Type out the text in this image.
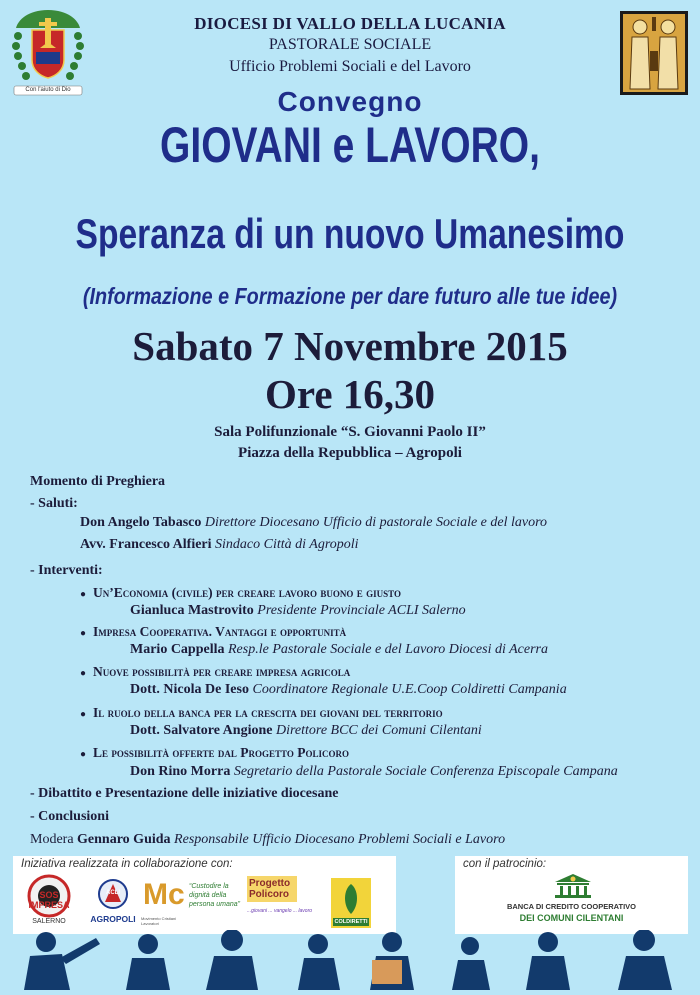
Con l'aiuto di Dio
DIOCESI DI VALLO DELLA LUCANIA
PASTORALE SOCIALE
Ufficio Problemi Sociali e del Lavoro
Convegno
GIOVANI e LAVORO,
Speranza di un nuovo Umanesimo
(Informazione e Formazione per dare futuro alle tue idee)
Sabato 7 Novembre 2015
Ore 16,30
Sala Polifunzionale “S. Giovanni Paolo II”
Piazza della Repubblica – Agropoli
Momento di Preghiera
- Saluti:
Don Angelo Tabasco Direttore Diocesano Ufficio di pastorale Sociale e del lavoro
Avv. Francesco Alfieri Sindaco Città di Agropoli
- Interventi:
● Un’Economia (civile) per creare lavoro buono e giusto
Gianluca Mastrovito Presidente Provinciale ACLI Salerno
● Impresa Cooperativa. Vantaggi e opportunità
Mario Cappella Resp.le Pastorale Sociale e del Lavoro Diocesi di Acerra
● Nuove possibilità per creare impresa agricola
Dott. Nicola De Ieso Coordinatore Regionale U.E.Coop Coldiretti Campania
● Il ruolo della banca per la crescita dei giovani del territorio
Dott. Salvatore Angione Direttore BCC dei Comuni Cilentani
● Le possibilità offerte dal Progetto Policoro
Don Rino Morra Segretario della Pastorale Sociale Conferenza Episcopale Campana
- Dibattito e Presentazione delle iniziative diocesane
- Conclusioni
Modera Gennaro Guida Responsabile Ufficio Diocesano Problemi Sociali e Lavoro
Iniziativa realizzata in collaborazione con:
SOS IMPRESA
SALERNO
ACLI
AGROPOLI
Mc
Movimento Cristiani Lavoratori
“Custodire la dignità della persona umana”
Progetto Policoro
...giovani ... vangelo ... lavoro
COLDIRETTI
con il patrocinio:
BANCA DI CREDITO COOPERATIVO
DEI COMUNI CILENTANI
